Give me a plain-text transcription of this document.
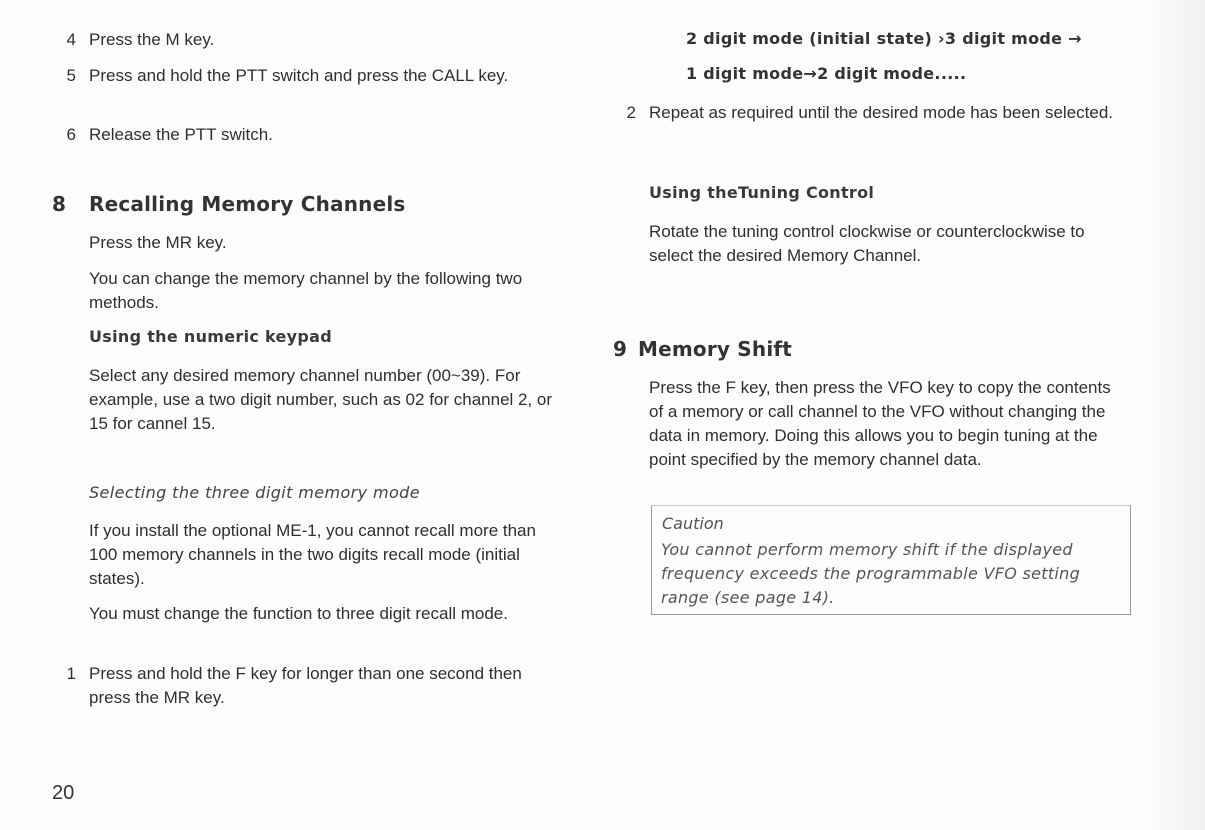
4 Press the M key.
5 Press and hold the PTT switch and press the CALL key.
6 Release the PTT switch.
8 Recalling Memory Channels
Press the MR key.
You can change the memory channel by the following two methods.
Using the numeric keypad
Select any desired memory channel number (00~39). For example, use a two digit number, such as 02 for channel 2, or 15 for cannel 15.
Selecting the three digit memory mode
If you install the optional ME-1, you cannot recall more than 100 memory channels in the two digits recall mode (initial states).
You must change the function to three digit recall mode.
1 Press and hold the F key for longer than one second then press the MR key.
2 digit mode (initial state) ›3 digit mode →
1 digit mode→2 digit mode.....
2 Repeat as required until the desired mode has been selected.
Using theTuning Control
Rotate the tuning control clockwise or counterclockwise to select the desired Memory Channel.
9 Memory Shift
Press the F key, then press the VFO key to copy the contents of a memory or call channel to the VFO without changing the data in memory. Doing this allows you to begin tuning at the point specified by the memory channel data.
Caution
You cannot perform memory shift if the displayed frequency exceeds the programmable VFO setting range (see page 14).
20
